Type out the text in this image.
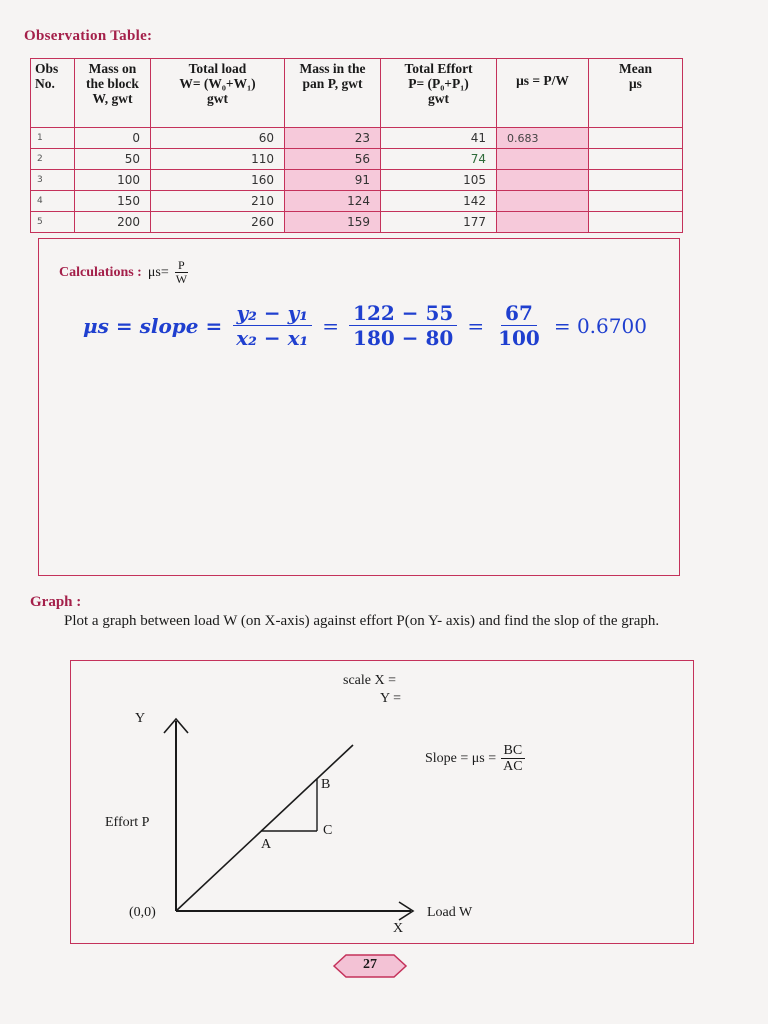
Observation Table:
Obs
No.	Mass on
the block
W, gwt	Total load
W= (W₀+W₁)
gwt	Mass in the
pan P, gwt	Total Effort
P= (P₀+P₁)
gwt	μs = P/W	Mean
μs

1	0	60	23	41	0.683	
2	50	110	56	74		
3	100	160	91	105		
4	150	210	124	142		
5	200	260	159	177		
Calculations : $\mu s = \frac{P}{W}$
μs = slope = $\frac{\text{y₂ − y₁}}{\text{x₂ − x₁}} = \frac{122 - 55}{180 - 80} = \frac{67}{100} = 0.6700$
Graph :
Plot a graph between load W (on X-axis) against effort P(on Y- axis) and find the slop of the graph.
scale X =
Y =
Y
Effort P
(0,0)	Load W
X
A
B
C
Slope = $\mu s = \frac{BC}{AC}$
27
